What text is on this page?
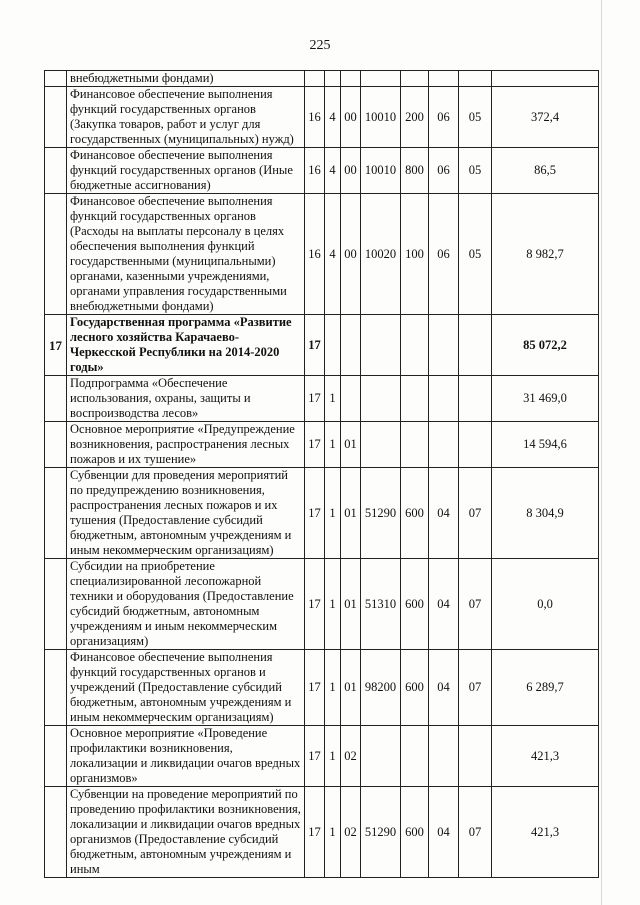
225
	внебюджетными фондами)								
	Финансовое обеспечение выполнения функций государственных органов (Закупка товаров, работ и услуг для государственных (муниципальных) нужд)	16	4	00	10010	200	06	05	372,4
	Финансовое обеспечение выполнения функций государственных органов (Иные бюджетные ассигнования)	16	4	00	10010	800	06	05	86,5
	Финансовое обеспечение выполнения функций государственных органов (Расходы на выплаты персоналу в целях обеспечения выполнения функций государственными (муниципальными) органами, казенными учреждениями, органами управления государственными внебюджетными фондами)	16	4	00	10020	100	06	05	8 982,7
17	Государственная программа «Развитие лесного хозяйства Карачаево-Черкесской Республики на 2014-2020 годы»	17							85 072,2
	Подпрограмма «Обеспечение использования, охраны, защиты и воспроизводства лесов»	17	1						31 469,0
	Основное мероприятие «Предупреждение возникновения, распространения лесных пожаров и их тушение»	17	1	01					14 594,6
	Субвенции для проведения мероприятий по предупреждению возникновения, распространения лесных пожаров и их тушения (Предоставление субсидий бюджетным, автономным учреждениям и иным некоммерческим организациям)	17	1	01	51290	600	04	07	8 304,9
	Субсидии на приобретение специализированной лесопожарной техники и оборудования (Предоставление субсидий бюджетным, автономным учреждениям и иным некоммерческим организациям)	17	1	01	51310	600	04	07	0,0
	Финансовое обеспечение выполнения функций государственных органов и учреждений (Предоставление субсидий бюджетным, автономным учреждениям и иным некоммерческим организациям)	17	1	01	98200	600	04	07	6 289,7
	Основное мероприятие «Проведение профилактики возникновения, локализации и ликвидации очагов вредных организмов»	17	1	02					421,3
	Субвенции на проведение мероприятий по проведению профилактики возникновения, локализации и ликвидации очагов вредных организмов (Предоставление субсидий бюджетным, автономным учреждениям и иным	17	1	02	51290	600	04	07	421,3
